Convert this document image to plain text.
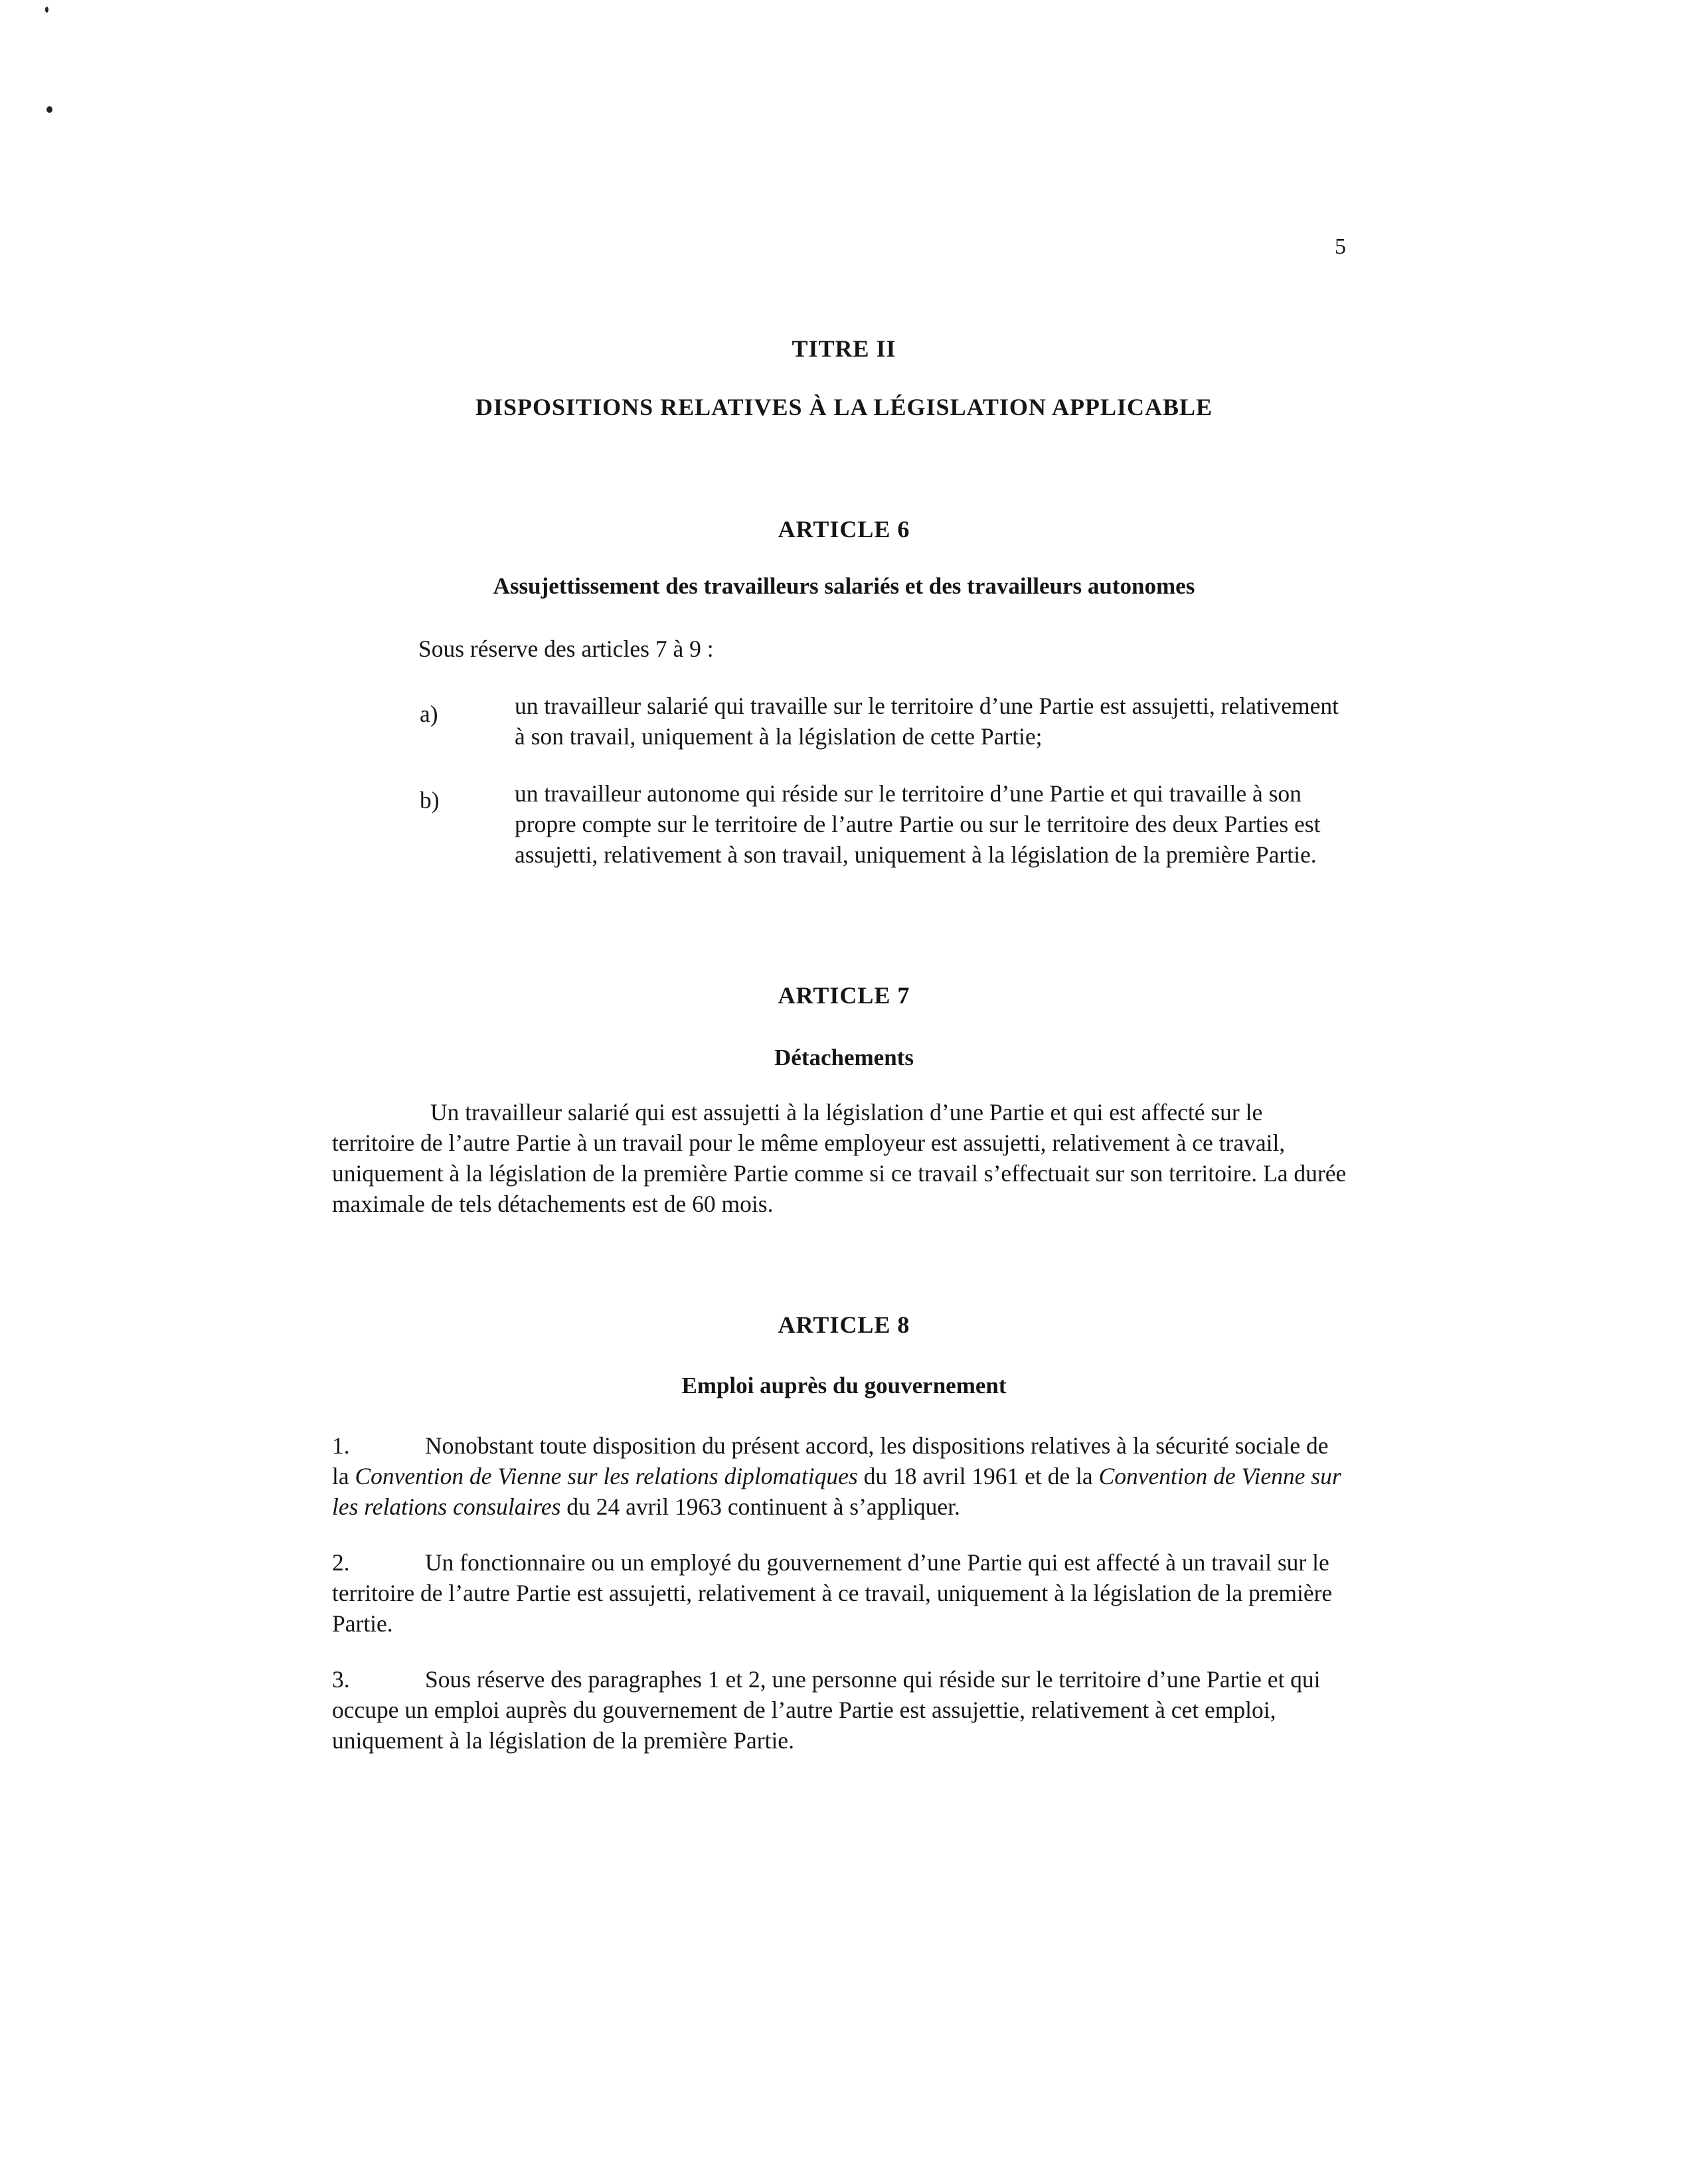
5
TITRE II
DISPOSITIONS RELATIVES À LA LÉGISLATION APPLICABLE
ARTICLE 6
Assujettissement des travailleurs salariés et des travailleurs autonomes

Sous réserve des articles 7 à 9 :

a)	un travailleur salarié qui travaille sur le territoire d’une Partie est assujetti, relativement à son travail, uniquement à la législation de cette Partie;

b)	un travailleur autonome qui réside sur le territoire d’une Partie et qui travaille à son propre compte sur le territoire de l’autre Partie ou sur le territoire des deux Parties est assujetti, relativement à son travail, uniquement à la législation de la première Partie.

ARTICLE 7
Détachements

Un travailleur salarié qui est assujetti à la législation d’une Partie et qui est affecté sur le territoire de l’autre Partie à un travail pour le même employeur est assujetti, relativement à ce travail, uniquement à la législation de la première Partie comme si ce travail s’effectuait sur son territoire. La durée maximale de tels détachements est de 60 mois.

ARTICLE 8
Emploi auprès du gouvernement

1.	Nonobstant toute disposition du présent accord, les dispositions relatives à la sécurité sociale de la Convention de Vienne sur les relations diplomatiques du 18 avril 1961 et de la Convention de Vienne sur les relations consulaires du 24 avril 1963 continuent à s’appliquer.

2.	Un fonctionnaire ou un employé du gouvernement d’une Partie qui est affecté à un travail sur le territoire de l’autre Partie est assujetti, relativement à ce travail, uniquement à la législation de la première Partie.

3.	Sous réserve des paragraphes 1 et 2, une personne qui réside sur le territoire d’une Partie et qui occupe un emploi auprès du gouvernement de l’autre Partie est assujettie, relativement à cet emploi, uniquement à la législation de la première Partie.
